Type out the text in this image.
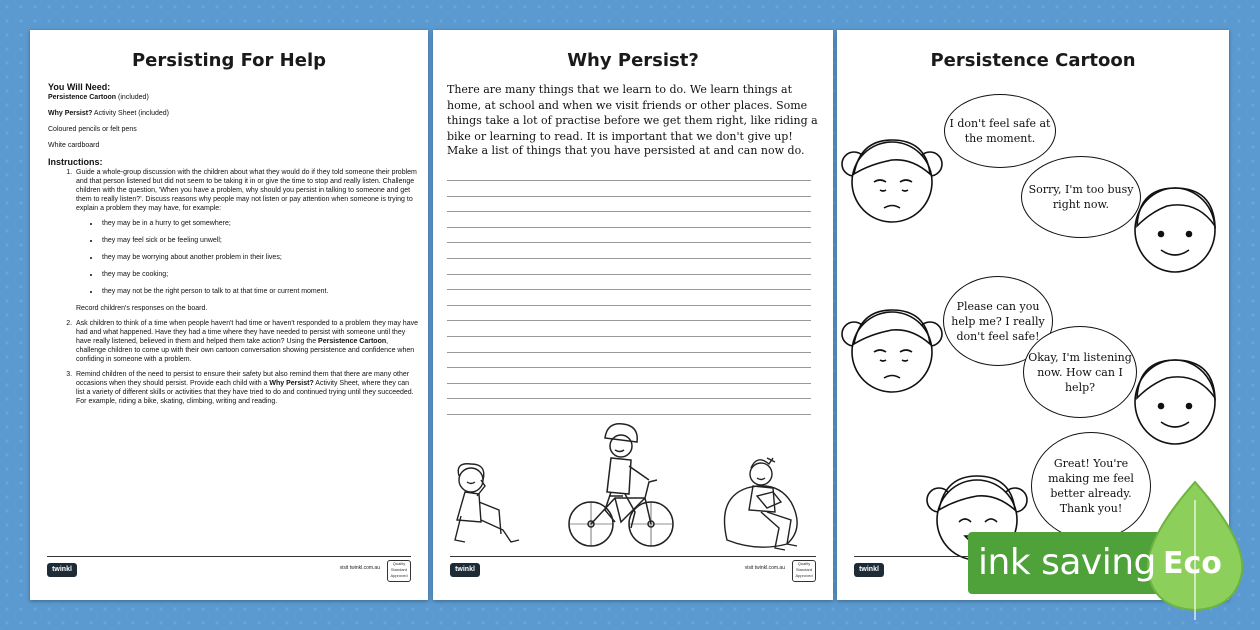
Persisting For Help
You Will Need:
Persistence Cartoon (included)
Why Persist? Activity Sheet (included)
Coloured pencils or felt pens
White cardboard
Instructions:
1. Guide a whole-group discussion with the children about what they would do if they told someone their problem and that person listened but did not seem to be taking it in or give the time to stop and really listen. Challenge children with the question, 'When you have a problem, why should you persist in talking to someone and get them to really listen?'. Discuss reasons why people may not listen or pay attention when someone is trying to explain a problem they may have, for example:
• they may be in a hurry to get somewhere;
• they may feel sick or be feeling unwell;
• they may be worrying about another problem in their lives;
• they may be cooking;
• they may not be the right person to talk to at that time or current moment.
Record children's responses on the board.
2. Ask children to think of a time when people haven't had time or haven't responded to a problem they may have had and what happened. Have they had a time where they have needed to persist with someone until they have really listened, believed in them and helped them take action? Using the Persistence Cartoon, challenge children to come up with their own cartoon conversation showing persistence and confidence when confiding in someone with a problem.
3. Remind children of the need to persist to ensure their safety but also remind them that there are many other occasions when they should persist. Provide each child with a Why Persist? Activity Sheet, where they can list a variety of different skills or activities that they have tried to do and continued trying until they succeeded. For example, riding a bike, skating, climbing, writing and reading.
twinkl	visit twinkl.com.au
Quality Standard Approved
Why Persist?
There are many things that we learn to do. We learn things at home, at school and when we visit friends or other places. Some things take a lot of practise before we get them right, like riding a bike or learning to read. It is important that we don't give up!
Make a list of things that you have persisted at and can now do.
twinkl	visit twinkl.com.au
Quality Standard Approved
Persistence Cartoon
I don't feel safe at the moment.
Sorry, I'm too busy right now.
Please can you help me? I really don't feel safe!
Okay, I'm listening now. How can I help?
Great! You're making me feel better already. Thank you!
twinkl	ink saving Eco
